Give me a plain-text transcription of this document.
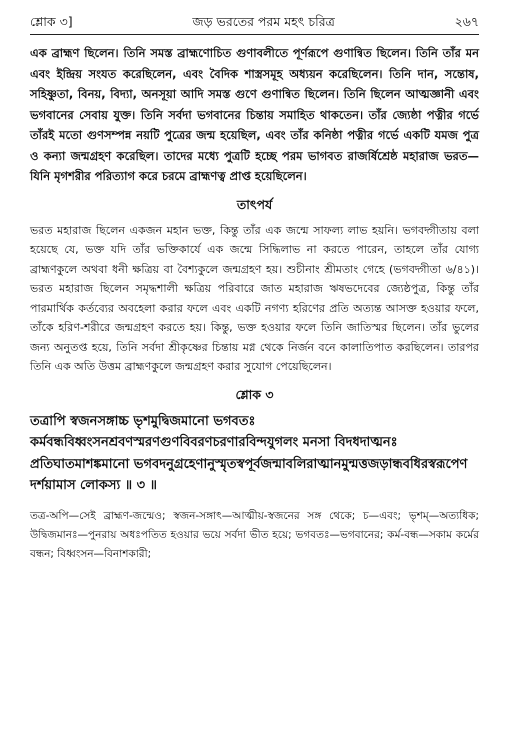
শ্লোক ৩]	জড় ভরতের পরম মহৎ চরিত্র	২৬৭

এক ব্রাহ্মণ ছিলেন। তিনি সমস্ত ব্রাহ্মণোচিত গুণাবলীতে পূর্ণরূপে গুণান্বিত ছিলেন। তিনি তাঁর মন এবং ইন্দ্রিয় সংযত করেছিলেন, এবং বৈদিক শাস্ত্রসমূহ অধ্যয়ন করেছিলেন। তিনি দান, সন্তোষ, সহিষ্ণুতা, বিনয়, বিদ্যা, অনসূয়া আদি সমস্ত গুণে গুণান্বিত ছিলেন। তিনি ছিলেন আত্মজ্ঞানী এবং ভগবানের সেবায় যুক্ত। তিনি সর্বদা ভগবানের চিন্তায় সমাহিত থাকতেন। তাঁর জ্যেষ্ঠা পত্নীর গর্ভে তাঁরই মতো গুণসম্পন্ন নয়টি পুত্রের জন্ম হয়েছিল, এবং তাঁর কনিষ্ঠা পত্নীর গর্ভে একটি যমজ পুত্র ও কন্যা জন্মগ্রহণ করেছিল। তাদের মধ্যে পুত্রটি হচ্ছে পরম ভাগবত রাজর্ষিশ্রেষ্ঠ মহারাজ ভরত—যিনি মৃগশরীর পরিত্যাগ করে চরমে ব্রাহ্মণত্ব প্রাপ্ত হয়েছিলেন।

তাৎপর্য

ভরত মহারাজ ছিলেন একজন মহান ভক্ত, কিন্তু তাঁর এক জন্মে সাফল্য লাভ হয়নি। ভগবদ্গীতায় বলা হয়েছে যে, ভক্ত যদি তাঁর ভক্তিকার্যে এক জন্মে সিদ্ধিলাভ না করতে পারেন, তাহলে তাঁর যোগ্য ব্রাহ্মণকুলে অথবা ধনী ক্ষত্রিয় বা বৈশ্যকুলে জন্মগ্রহণ হয়। শুচীনাং শ্রীমতাং গেহে (ভগবদ্গীতা ৬/৪১)। ভরত মহারাজ ছিলেন সমৃদ্ধশালী ক্ষত্রিয় পরিবারে জাত মহারাজ ঋষভদেবের জ্যেষ্ঠপুত্র, কিন্তু তাঁর পারমার্থিক কর্তব্যের অবহেলা করার ফলে এবং একটি নগণ্য হরিণের প্রতি অত্যন্ত আসক্ত হওয়ার ফলে, তাঁকে হরিণ-শরীরে জন্মগ্রহণ করতে হয়। কিন্তু, ভক্ত হওয়ার ফলে তিনি জাতিস্মর ছিলেন। তাঁর ভুলের জন্য অনুতপ্ত হয়ে, তিনি সর্বদা শ্রীকৃষ্ণের চিন্তায় মগ্ন থেকে নির্জন বনে কালাতিপাত করছিলেন। তারপর তিনি এক অতি উত্তম ব্রাহ্মণকুলে জন্মগ্রহণ করার সুযোগ পেয়েছিলেন।

শ্লোক ৩

তত্রাপি স্বজনসঙ্গাচ্চ ভৃশমুদ্বিজমানো ভগবতঃ কর্মবন্ধবিধ্বংসনশ্রবণস্মরণগুণবিবরণচরণারবিন্দযুগলং মনসা বিদধদাত্মনঃ প্রতিঘাতমাশঙ্কমানো ভগবদনুগ্রহেণানুস্মৃতস্বপূর্বজন্মাবলিরাত্মানমুন্মত্তজড়ান্ধবধিরস্বরূপেণ দর্শয়ামাস লোকস্য ॥ ৩ ॥

তত্র-অপি—সেই ব্রাহ্মণ-জন্মেও; স্বজন-সঙ্গাৎ—আত্মীয়-স্বজনের সঙ্গ থেকে; চ—এবং; ভৃশম্—অত্যধিক; উদ্বিজমানঃ—পুনরায় অধঃপতিত হওয়ার ভয়ে সর্বদা ভীত হয়ে; ভগবতঃ—ভগবানের; কর্ম-বন্ধ—সকাম কর্মের বন্ধন; বিধ্বংসন—বিনাশকারী;
